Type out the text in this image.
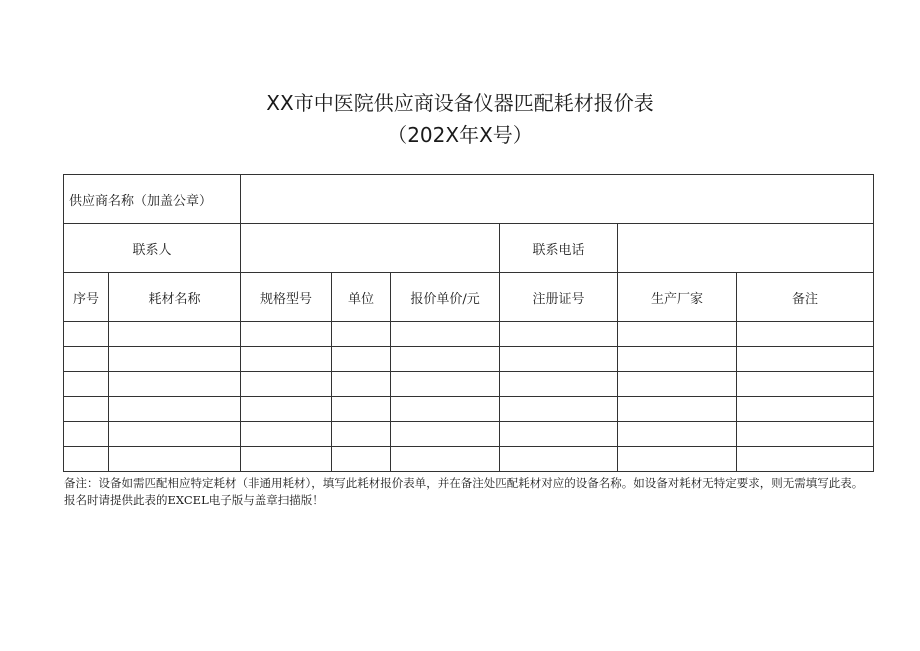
XX市中医院供应商设备仪器匹配耗材报价表
（202X年X号）
供应商名称（加盖公章）							
联系人					联系电话		
序号	耗材名称	规格型号	单位	报价单价/元	注册证号	生产厂家	备注

备注：设备如需匹配相应特定耗材（非通用耗材），填写此耗材报价表单，并在备注处匹配耗材对应的设备名称。如设备对耗材无特定要求，则无需填写此表。报名时请提供此表的EXCEL电子版与盖章扫描版！
